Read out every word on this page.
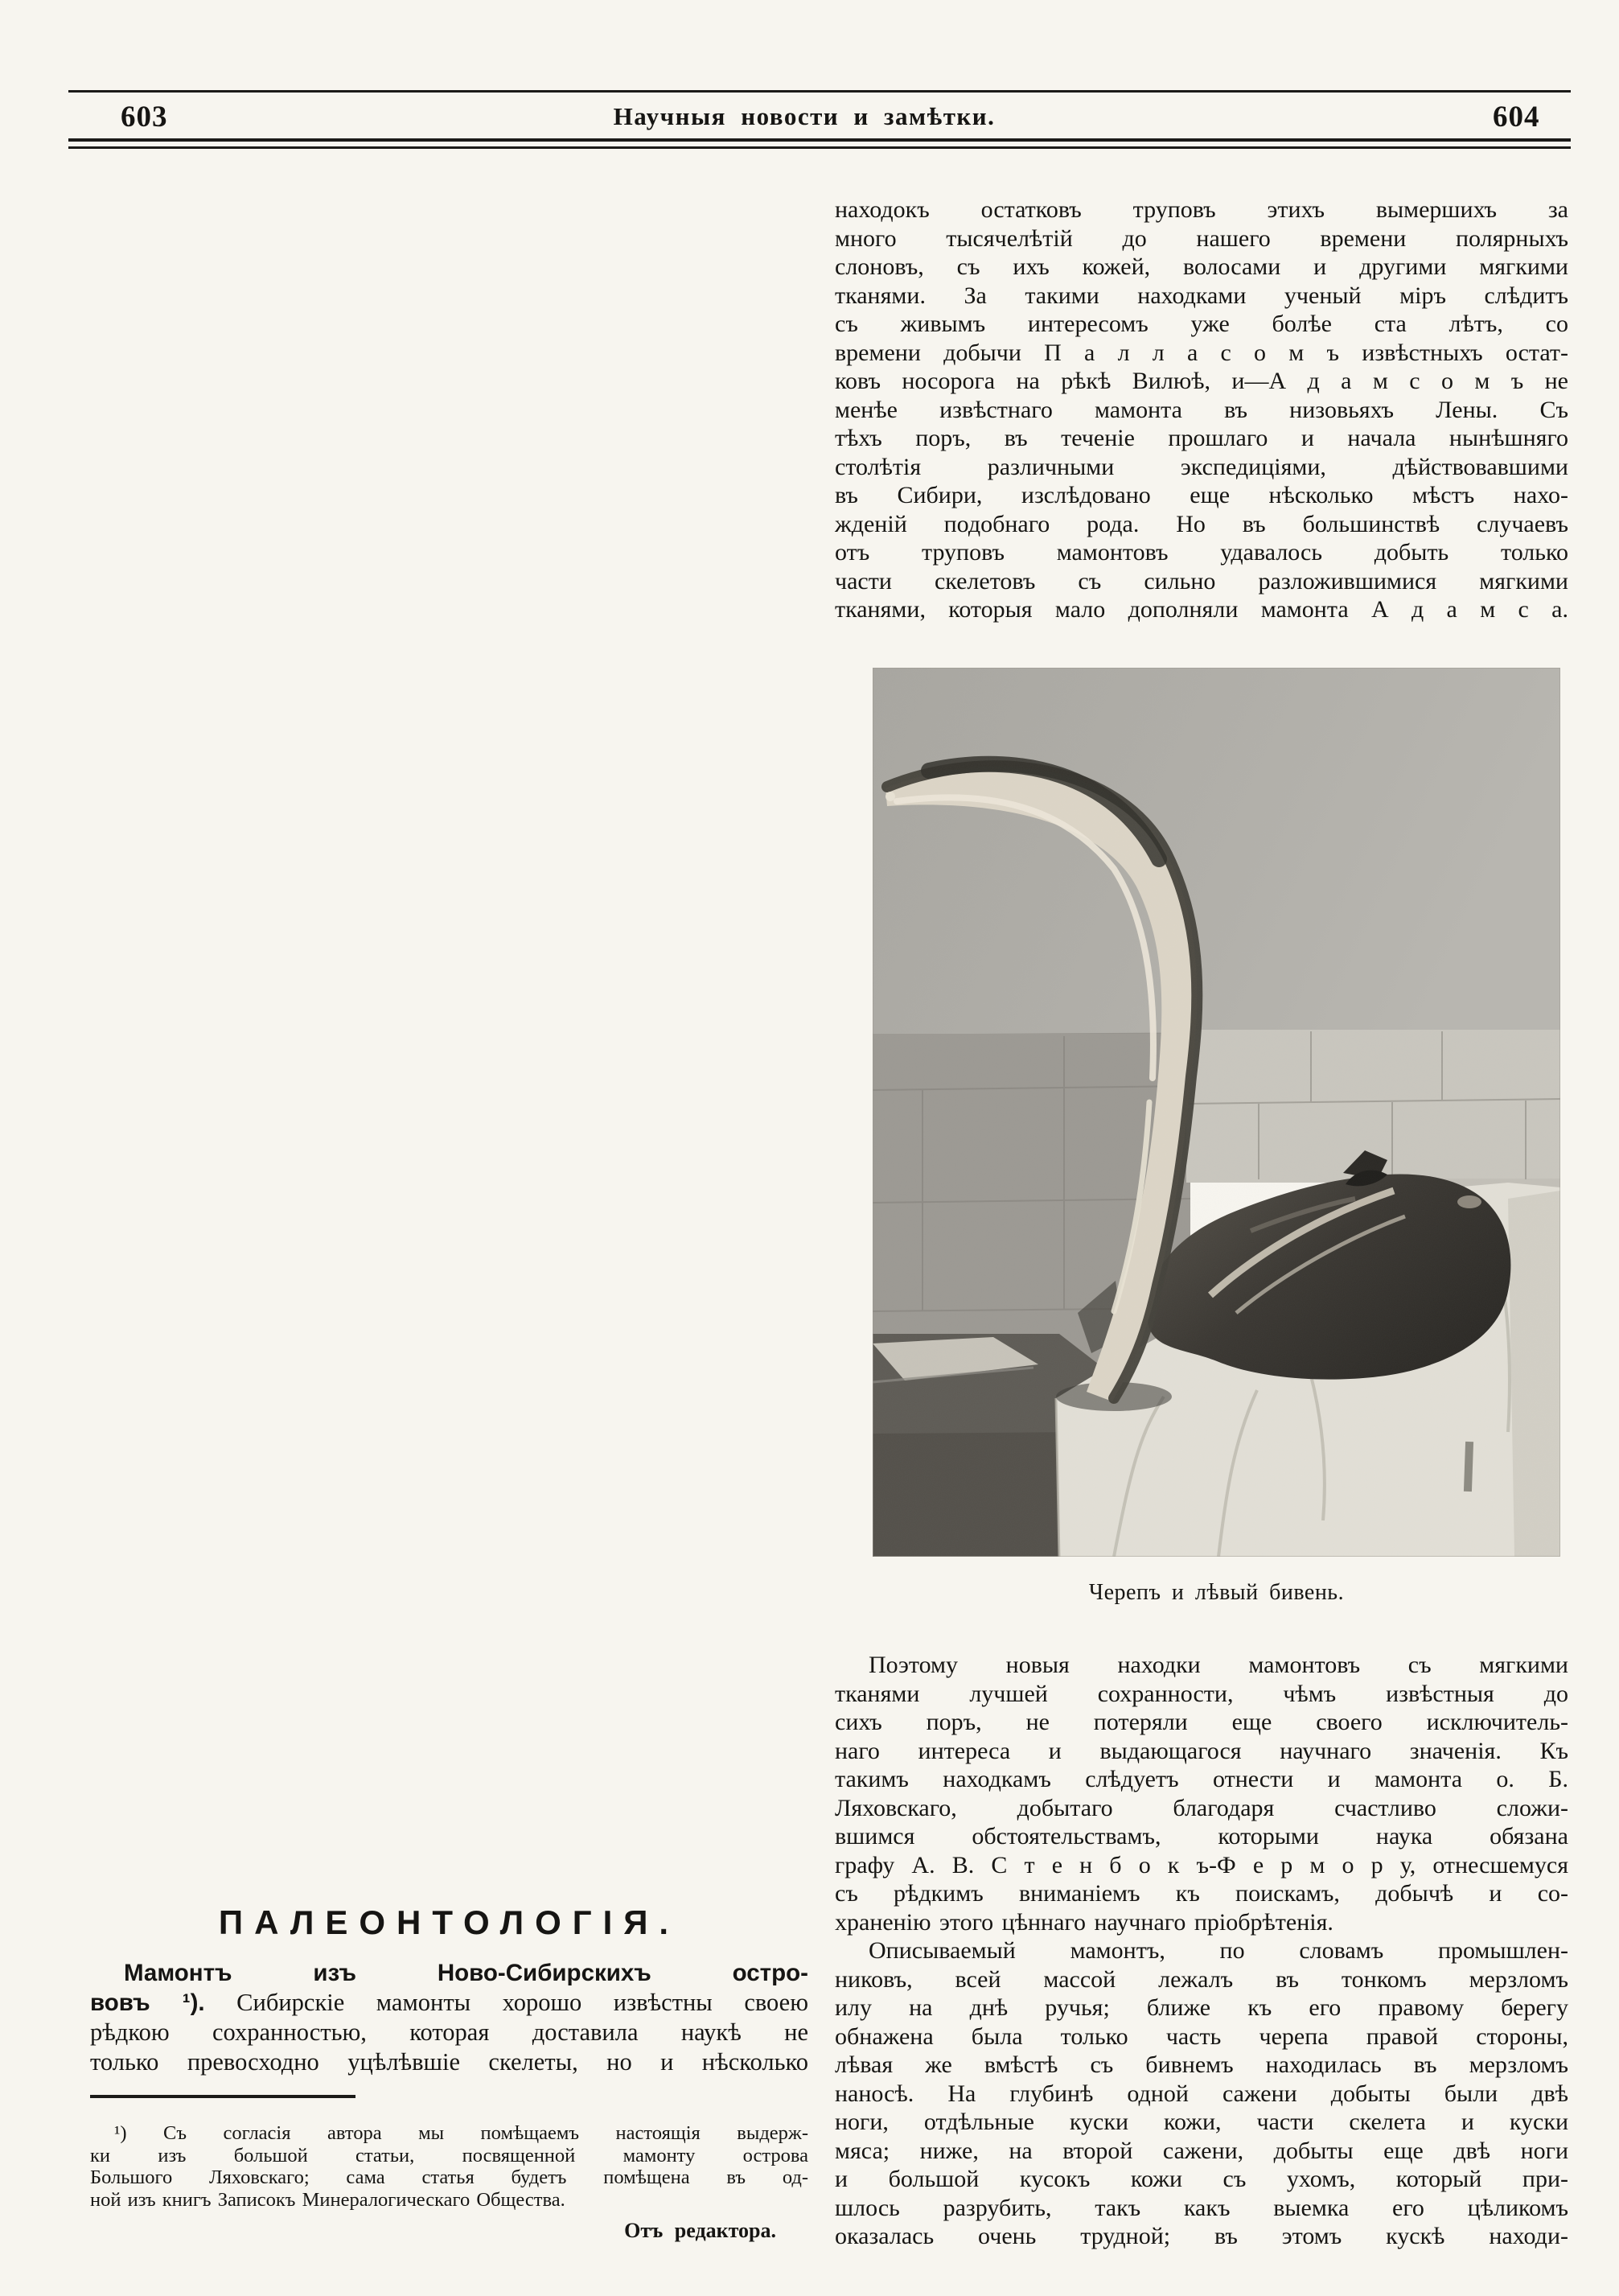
603	Научныя новости и замѣтки.	604
находокъ остатковъ труповъ этихъ вымершихъ за
много тысячелѣтій до нашего времени полярныхъ
слоновъ, съ ихъ кожей, волосами и другими мягкими
тканями. За такими находками ученый міръ слѣдитъ
съ живымъ интересомъ уже болѣе ста лѣтъ, со
времени добычи П а л л а с о м ъ извѣстныхъ остат-
ковъ носорога на рѣкѣ Вилюѣ, и—А д а м с о м ъ не
менѣе извѣстнаго мамонта въ низовьяхъ Лены. Съ
тѣхъ поръ, въ теченіе прошлаго и начала нынѣшняго
столѣтія различными экспедиціями, дѣйствовавшими
въ Сибири, изслѣдовано еще нѣсколько мѣстъ нахо-
жденій подобнаго рода. Но въ большинствѣ случаевъ
отъ труповъ мамонтовъ удавалось добыть только
части скелетовъ съ сильно разложившимися мягкими
тканями, которыя мало дополняли мамонта А д а м с а.
Черепъ и лѣвый бивень.
Поэтому новыя находки мамонтовъ съ мягкими
тканями лучшей сохранности, чѣмъ извѣстныя до
сихъ поръ, не потеряли еще своего исключитель-
наго интереса и выдающагося научнаго значенія. Къ
такимъ находкамъ слѣдуетъ отнести и мамонта о. Б.
Ляховскаго, добытаго благодаря счастливо сложи-
вшимся обстоятельствамъ, которыми наука обязана
графу А. В. С т е н б о к ъ-Ф е р м о р у, отнесшемуся
съ рѣдкимъ вниманіемъ къ поискамъ, добычѣ и со-
храненію этого цѣннаго научнаго пріобрѣтенія.
Описываемый мамонтъ, по словамъ промышлен-
никовъ, всей массой лежалъ въ тонкомъ мерзломъ
илу на днѣ ручья; ближе къ его правому берегу
обнажена была только часть черепа правой стороны,
лѣвая же вмѣстѣ съ бивнемъ находилась въ мерзломъ
наносѣ. На глубинѣ одной сажени добыты были двѣ
ноги, отдѣльные куски кожи, части скелета и куски
мяса; ниже, на второй сажени, добыты еще двѣ ноги
и большой кусокъ кожи съ ухомъ, который при-
шлось разрубить, такъ какъ выемка его цѣликомъ
оказалась очень трудной; въ этомъ кускѣ находи-
ПАЛЕОНТОЛОГІЯ.
Мамонтъ изъ Ново-Сибирскихъ остро-
вовъ ¹). Сибирскіе мамонты хорошо извѣстны своею
рѣдкою сохранностью, которая доставила наукѣ не
только превосходно уцѣлѣвшіе скелеты, но и нѣсколько
¹) Съ согласія автора мы помѣщаемъ настоящія выдерж-
ки изъ большой статьи, посвященной мамонту острова
Большого Ляховскаго; сама статья будетъ помѣщена въ од-
ной изъ книгъ Записокъ Минералогическаго Общества.
Отъ редактора.
